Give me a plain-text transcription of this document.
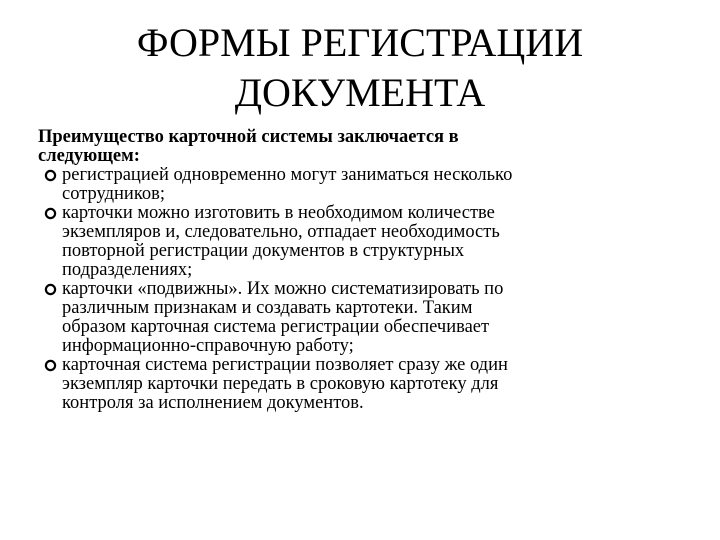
ФОРМЫ РЕГИСТРАЦИИ
ДОКУМЕНТА

Преимущество карточной системы заключается в
следующем:

регистрацией одновременно могут заниматься несколько
сотрудников;
карточки можно изготовить в необходимом количестве
экземпляров и, следовательно, отпадает необходимость
повторной регистрации документов в структурных
подразделениях;
карточки «подвижны». Их можно систематизировать по
различным признакам и создавать картотеки. Таким
образом карточная система регистрации обеспечивает
информационно-справочную работу;
карточная система регистрации позволяет сразу же один
экземпляр карточки передать в сроковую картотеку для
контроля за исполнением документов.
